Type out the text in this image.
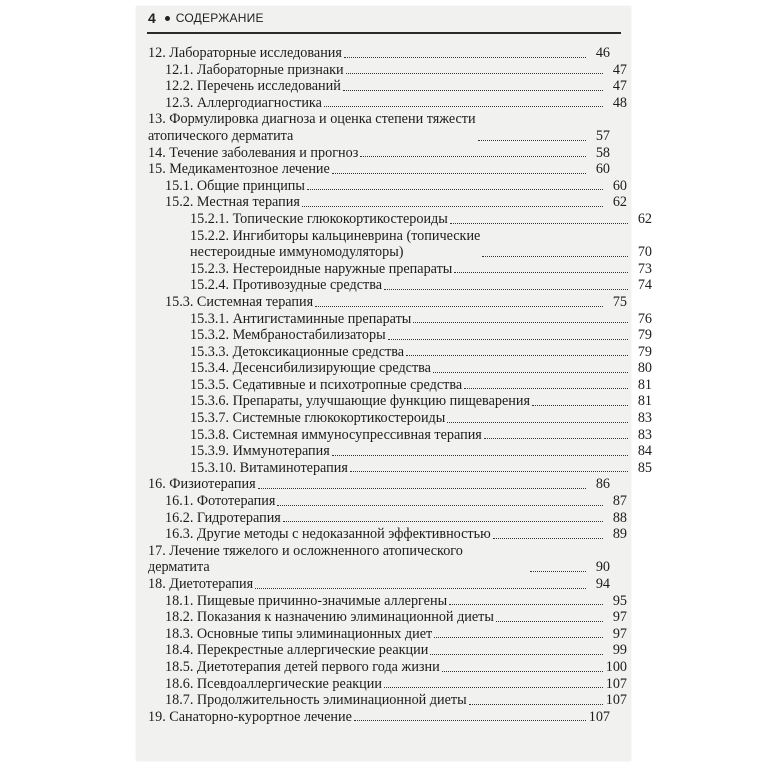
4 СОДЕРЖАНИЕ
12. Лабораторные исследования	46
12.1. Лабораторные признаки	47
12.2. Перечень исследований	47
12.3. Аллергодиагностика	48
13. Формулировка диагноза и оценка степени тяжести
атопического дерматита	57
14. Течение заболевания и прогноз	58
15. Медикаментозное лечение	60
15.1. Общие принципы	60
15.2. Местная терапия	62
15.2.1. Топические глюкокортикостероиды	62
15.2.2. Ингибиторы кальциневрина (топические
нестероидные иммуномодуляторы)	70
15.2.3. Нестероидные наружные препараты	73
15.2.4. Противозудные средства	74
15.3. Системная терапия	75
15.3.1. Антигистаминные препараты	76
15.3.2. Мембраностабилизаторы	79
15.3.3. Детоксикационные средства	79
15.3.4. Десенсибилизирующие средства	80
15.3.5. Седативные и психотропные средства	81
15.3.6. Препараты, улучшающие функцию пищеварения	81
15.3.7. Системные глюкокортикостероиды	83
15.3.8. Системная иммуносупрессивная терапия	83
15.3.9. Иммунотерапия	84
15.3.10. Витаминотерапия	85
16. Физиотерапия	86
16.1. Фототерапия	87
16.2. Гидротерапия	88
16.3. Другие методы с недоказанной эффективностью	89
17. Лечение тяжелого и осложненного атопического дерматита	90
18. Диетотерапия	94
18.1. Пищевые причинно-значимые аллергены	95
18.2. Показания к назначению элиминационной диеты	97
18.3. Основные типы элиминационных диет	97
18.4. Перекрестные аллергические реакции	99
18.5. Диетотерапия детей первого года жизни	100
18.6. Псевдоаллергические реакции	107
18.7. Продолжительность элиминационной диеты	107
19. Санаторно-курортное лечение	107
